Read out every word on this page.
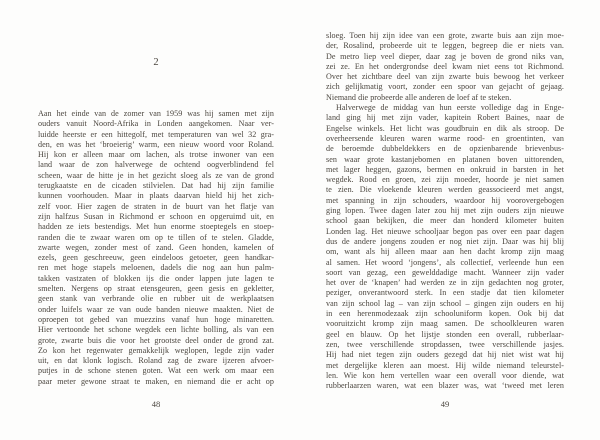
2
Aan het einde van de zomer van 1959 was hij samen met zijn
ouders vanuit Noord-Afrika in Londen aangekomen. Naar ver-
luidde heerste er een hittegolf, met temperaturen van wel 32 gra-
den, en was het ‘broeierig’ warm, een nieuw woord voor Roland.
Hij kon er alleen maar om lachen, als trotse inwoner van een
land waar de zon halverwege de ochtend oogverblindend fel
scheen, waar de hitte je in het gezicht sloeg als ze van de grond
terugkaatste en de cicaden stilvielen. Dat had hij zijn familie
kunnen voorhouden. Maar in plaats daarvan hield hij het zich-
zelf voor. Hier zagen de straten in de buurt van het flatje van
zijn halfzus Susan in Richmond er schoon en opgeruimd uit, en
hadden ze iets bestendigs. Met hun enorme stoeptegels en stoep-
randen die te zwaar waren om op te tillen of te stelen. Gladde,
zwarte wegen, zonder mest of zand. Geen honden, kamelen of
ezels, geen geschreeuw, geen eindeloos getoeter, geen handkar-
ren met hoge stapels meloenen, dadels die nog aan hun palm-
takken vastzaten of blokken ijs die onder lappen jute lagen te
smelten. Nergens op straat etensgeuren, geen gesis en gekletter,
geen stank van verbrande olie en rubber uit de werkplaatsen
onder luifels waar ze van oude banden nieuwe maakten. Niet de
oproepen tot gebed van muezzins vanaf hun hoge minaretten.
Hier vertoonde het schone wegdek een lichte bolling, als van een
grote, zwarte buis die voor het grootste deel onder de grond zat.
Zo kon het regenwater gemakkelijk weglopen, legde zijn vader
uit, en dat klonk logisch. Roland zag de zware ijzeren afvoer-
putjes in de schone stenen goten. Wat een werk om maar een
paar meter gewone straat te maken, en niemand die er acht op
48
sloeg. Toen hij zijn idee van een grote, zwarte buis aan zijn moe-
der, Rosalind, probeerde uit te leggen, begreep die er niets van.
De metro liep veel dieper, daar zag je boven de grond niks van,
zei ze. En het ondergrondse deel kwam niet eens tot Richmond.
Over het zichtbare deel van zijn zwarte buis bewoog het verkeer
zich gelijkmatig voort, zonder een spoor van gejacht of gejaag.
Niemand die probeerde alle anderen de loef af te steken.
Halverwege de middag van hun eerste volledige dag in Enge-
land ging hij met zijn vader, kapitein Robert Baines, naar de
Engelse winkels. Het licht was goudbruin en dik als stroop. De
overheersende kleuren waren warme rood- en groentinten, van
de beroemde dubbeldekkers en de opzienbarende brievenbus-
sen waar grote kastanjebomen en platanen boven uittorenden,
met lager heggen, gazons, bermen en onkruid in barsten in het
wegdek. Rood en groen, zei zijn moeder, hoorde je niet samen
te zien. Die vloekende kleuren werden geassocieerd met angst,
met spanning in zijn schouders, waardoor hij voorovergebogen
ging lopen. Twee dagen later zou hij met zijn ouders zijn nieuwe
school gaan bekijken, die meer dan honderd kilometer buiten
Londen lag. Het nieuwe schooljaar begon pas over een paar dagen
dus de andere jongens zouden er nog niet zijn. Daar was hij blij
om, want als hij alleen maar aan hen dacht kromp zijn maag
al samen. Het woord ‘jongens’, als collectief, verleende hun een
soort van gezag, een gewelddadige macht. Wanneer zijn vader
het over de ‘knapen’ had werden ze in zijn gedachten nog groter,
peziger, onverantwoord sterk. In een stadje dat tien kilometer
van zijn school lag – van zijn school – gingen zijn ouders en hij
in een herenmodezaak zijn schooluniform kopen. Ook bij dat
vooruitzicht kromp zijn maag samen. De schoolkleuren waren
geel en blauw. Op het lijstje stonden een overall, rubberlaar-
zen, twee verschillende stropdassen, twee verschillende jasjes.
Hij had niet tegen zijn ouders gezegd dat hij niet wist wat hij
met dergelijke kleren aan moest. Hij wilde niemand teleurstel-
len. Wie kon hem vertellen waar een overall voor diende, wat
rubberlaarzen waren, wat een blazer was, wat ‘tweed met leren
49
